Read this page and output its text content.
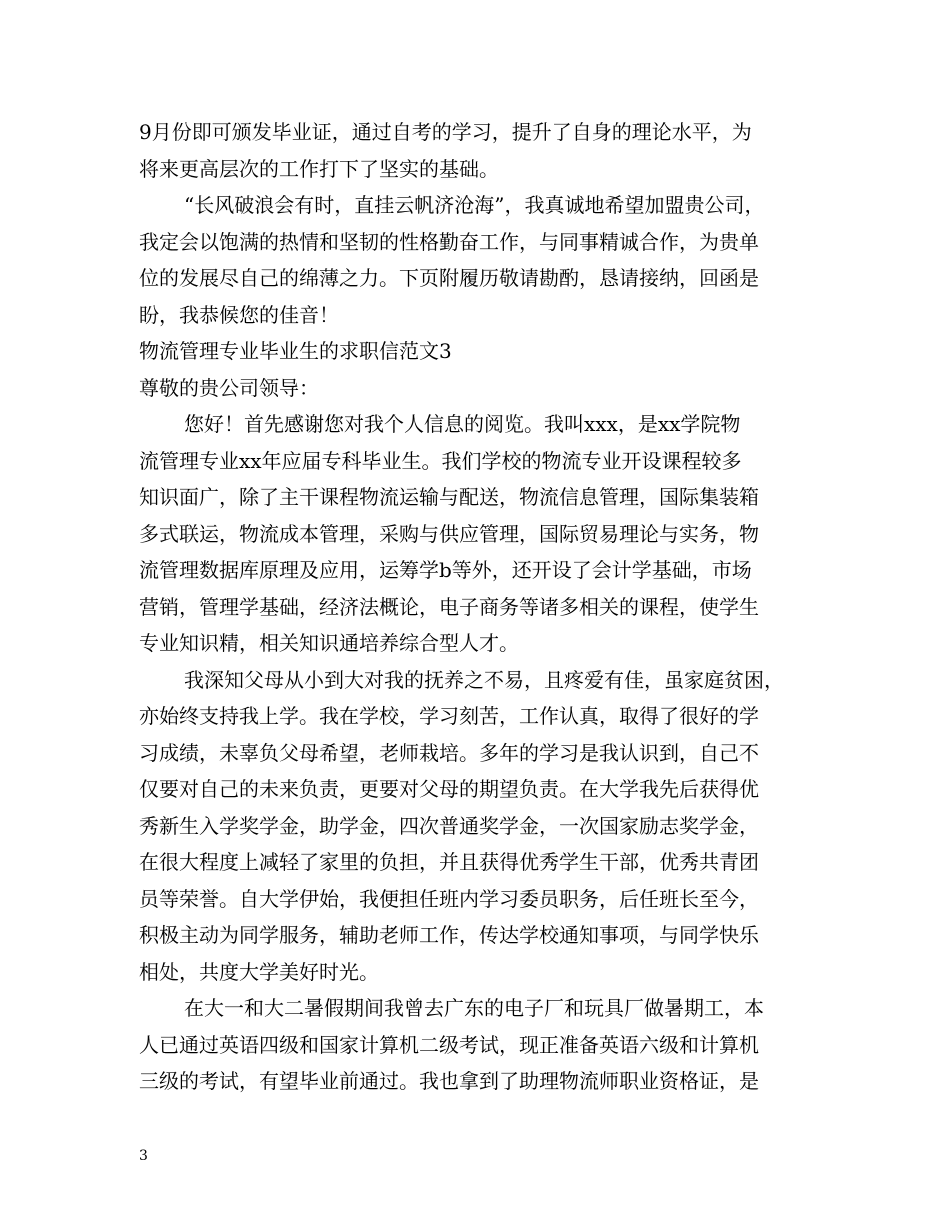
9月份即可颁发毕业证，通过自考的学习，提升了自身的理论水平，为
将来更高层次的工作打下了坚实的基础。
“长风破浪会有时，直挂云帆济沧海”，我真诚地希望加盟贵公司，
我定会以饱满的热情和坚韧的性格勤奋工作，与同事精诚合作，为贵单
位的发展尽自己的绵薄之力。下页附履历敬请勘酌，恳请接纳，回函是
盼，我恭候您的佳音！
物流管理专业毕业生的求职信范文3
尊敬的贵公司领导：
您好！首先感谢您对我个人信息的阅览。我叫xxx，是xx学院物
流管理专业xx年应届专科毕业生。我们学校的物流专业开设课程较多
知识面广，除了主干课程物流运输与配送，物流信息管理，国际集装箱
多式联运，物流成本管理，采购与供应管理，国际贸易理论与实务，物
流管理数据库原理及应用，运筹学b等外，还开设了会计学基础，市场
营销，管理学基础，经济法概论，电子商务等诸多相关的课程，使学生
专业知识精，相关知识通培养综合型人才。
我深知父母从小到大对我的抚养之不易，且疼爱有佳，虽家庭贫困，
亦始终支持我上学。我在学校，学习刻苦，工作认真，取得了很好的学
习成绩，未辜负父母希望，老师栽培。多年的学习是我认识到，自己不
仅要对自己的未来负责，更要对父母的期望负责。在大学我先后获得优
秀新生入学奖学金，助学金，四次普通奖学金，一次国家励志奖学金，
在很大程度上减轻了家里的负担，并且获得优秀学生干部，优秀共青团
员等荣誉。自大学伊始，我便担任班内学习委员职务，后任班长至今，
积极主动为同学服务，辅助老师工作，传达学校通知事项，与同学快乐
相处，共度大学美好时光。
在大一和大二暑假期间我曾去广东的电子厂和玩具厂做暑期工，本
人已通过英语四级和国家计算机二级考试，现正准备英语六级和计算机
三级的考试，有望毕业前通过。我也拿到了助理物流师职业资格证，是
3
